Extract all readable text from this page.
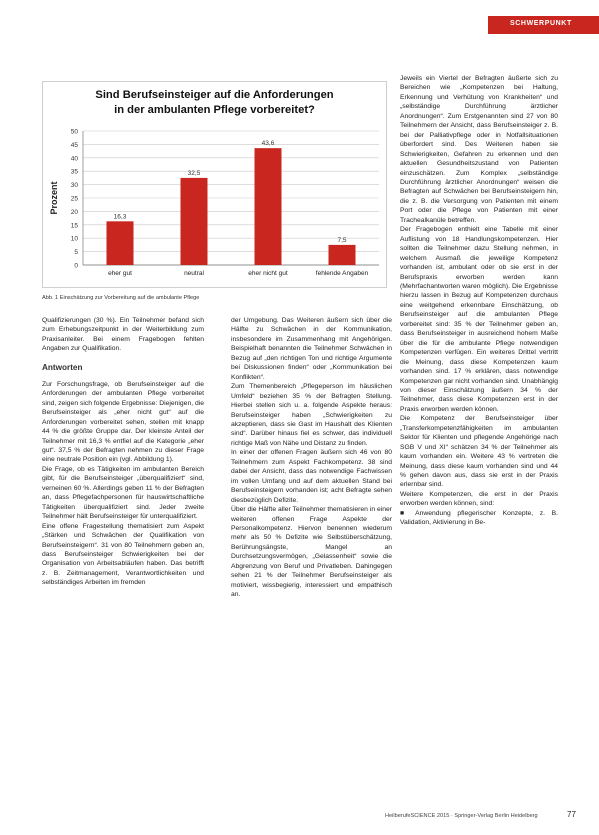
SCHWERPUNKT
Sind Berufseinsteiger auf die Anforderungen
in der ambulanten Pflege vorbereitet?
0
5
10
15
20
25
30
35
40
45
50
Prozent
16,3
eher gut
32,5
neutral
43,6
eher nicht gut
7,5
fehlende Angaben
Abb. 1 Einschätzung zur Vorbereitung auf die ambulante Pflege

Qualifizierungen (30 %). Ein Teilnehmer befand sich zum Erhebungszeitpunkt in der Weiterbildung zum Praxisanleiter. Bei einem Fragebogen fehlten Angaben zur Qualifikation.

Antworten

Zur Forschungsfrage, ob Berufseinsteiger auf die Anforderungen der ambulanten Pflege vorbereitet sind, zeigen sich folgende Ergebnisse: Diejenigen, die Berufseinsteiger als „eher nicht gut“ auf die Anforderungen vorbereitet sehen, stellen mit knapp 44 % die größte Gruppe dar. Der kleinste Anteil der Teilnehmer mit 16,3 % entfiel auf die Kategorie „eher gut“. 37,5 % der Befragten nehmen zu dieser Frage eine neutrale Position ein (vgl. Abbildung 1).

Die Frage, ob es Tätigkeiten im ambulanten Bereich gibt, für die Berufseinsteiger „überqualifiziert“ sind, verneinen 60 %. Allerdings geben 11 % der Befragten an, dass Pflegefachpersonen für hauswirtschaftliche Tätigkeiten überqualifiziert sind. Jeder zweite Teilnehmer hält Berufseinsteiger für unterqualifiziert.

Eine offene Fragestellung thematisiert zum Aspekt „Stärken und Schwächen der Qualifikation von Berufseinsteigern“. 31 von 80 Teilnehmern geben an, dass Berufseinsteiger Schwierigkeiten bei der Organisation von Arbeitsabläufen haben. Das betrifft z. B. Zeitmanagement, Verantwortlichkeiten und selbständiges Arbeiten im fremden

der Umgebung. Das Weiteren äußern sich über die Hälfte zu Schwächen in der Kommunikation, insbesondere im Zusammenhang mit Angehörigen. Beispielhaft benannten die Teilnehmer Schwächen in Bezug auf „den richtigen Ton und richtige Argumente bei Diskussionen finden“ oder „Kommunikation bei Konflikten“.

Zum Themenbereich „Pflegeperson im häuslichen Umfeld“ beziehen 35 % der Befragten Stellung. Hierbei stellen sich u. a. folgende Aspekte heraus: Berufseinsteiger haben „Schwierigkeiten zu akzeptieren, dass sie Gast im Haushalt des Klienten sind“. Darüber hinaus fiel es schwer, das individuell richtige Maß von Nähe und Distanz zu finden.

In einer der offenen Fragen äußern sich 46 von 80 Teilnehmern zum Aspekt Fachkompetenz. 38 sind dabei der Ansicht, dass das notwendige Fachwissen im vollen Umfang und auf dem aktuellen Stand bei Berufseinsteigern vorhanden ist; acht Befragte sehen diesbezüglich Defizite.

Über die Hälfte aller Teilnehmer thematisieren in einer weiteren offenen Frage Aspekte der Personalkompetenz. Hiervon benennen wiederum mehr als 50 % Defizite wie Selbstüberschätzung, Berührungsängste, Mangel an Durchsetzungsvermögen, „Gelassenheit“ sowie die Abgrenzung von Beruf und Privatleben. Dahingegen sehen 21 % der Teilnehmer Berufseinsteiger als motiviert, wissbegierig, interessiert und empathisch an.

Jeweils ein Viertel der Befragten äußerte sich zu Bereichen wie „Kompetenzen bei Haltung, Erkennung und Verhütung von Krankheiten“ und „selbständige Durchführung ärztlicher Anordnungen“. Zum Erstgenannten sind 27 von 80 Teilnehmern der Ansicht, dass Berufseinsteiger z. B. bei der Palliativpflege oder in Notfallsituationen überfordert sind. Des Weiteren haben sie Schwierigkeiten, Gefahren zu erkennen und den aktuellen Gesundheitszustand von Patienten einzuschätzen. Zum Komplex „selbständige Durchführung ärztlicher Anordnungen“ weisen die Befragten auf Schwächen bei Berufseinsteigern hin, die z. B. die Versorgung von Patienten mit einem Port oder die Pflege von Patienten mit einer Trachealkanüle betreffen.

Der Fragebogen enthielt eine Tabelle mit einer Auflistung von 18 Handlungskompetenzen. Hier sollten die Teilnehmer dazu Stellung nehmen, in welchem Ausmaß die jeweilige Kompetenz vorhanden ist, ambulant oder ob sie erst in der Berufspraxis erworben werden kann (Mehrfachantworten waren möglich). Die Ergebnisse hierzu lassen in Bezug auf Kompetenzen durchaus eine weitgehend erkennbare Einschätzung, ob Berufseinsteiger auf die ambulanten Pflege vorbereitet sind: 35 % der Teilnehmer geben an, dass Berufseinsteiger in ausreichend hohem Maße über die für die ambulante Pflege notwendigen Kompetenzen verfügen. Ein weiteres Drittel vertritt die Meinung, dass diese Kompetenzen kaum vorhanden sind. 17 % erklären, dass notwendige Kompetenzen gar nicht vorhanden sind. Unabhängig von dieser Einschätzung äußern 34 % der Teilnehmer, dass diese Kompetenzen erst in der Praxis erworben werden können.

Die Kompetenz der Berufseinsteiger über „Transferkompetenzfähigkeiten im ambulanten Sektor für Klienten und pflegende Angehörige nach SGB V und XI“ schätzen 34 % der Teilnehmer als kaum vorhanden ein. Weitere 43 % vertreten die Meinung, dass diese kaum vorhanden sind und 44 % gehen davon aus, dass sie erst in der Praxis erlernbar sind.

Weitere Kompetenzen, die erst in der Praxis erworben werden können, sind:

■ Anwendung pflegerischer Konzepte, z. B. Validation, Aktivierung in Be-

HeilberufeSCIENCE 2015 · Springer-Verlag Berlin Heidelberg	77
